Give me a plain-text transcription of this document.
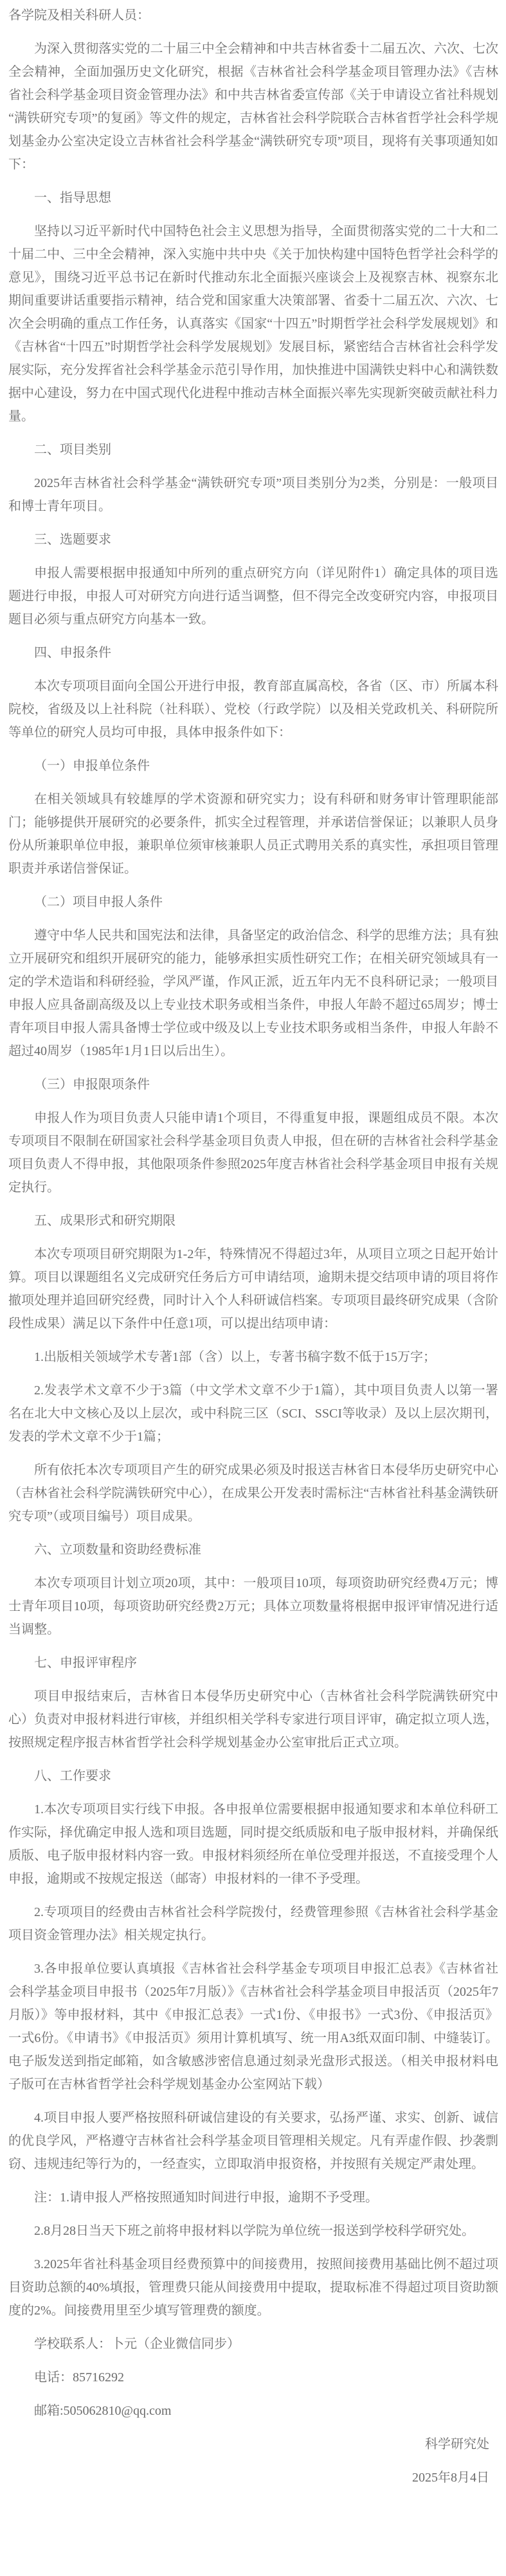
各学院及相关科研人员：

为深入贯彻落实党的二十届三中全会精神和中共吉林省委十二届五次、六次、七次全会精神，全面加强历史文化研究，根据《吉林省社会科学基金项目管理办法》《吉林省社会科学基金项目资金管理办法》和中共吉林省委宣传部《关于申请设立省社科规划“满铁研究专项”的复函》等文件的规定，吉林省社会科学院联合吉林省哲学社会科学规划基金办公室决定设立吉林省社会科学基金“满铁研究专项”项目，现将有关事项通知如下：

一、指导思想

坚持以习近平新时代中国特色社会主义思想为指导，全面贯彻落实党的二十大和二十届二中、三中全会精神，深入实施中共中央《关于加快构建中国特色哲学社会科学的意见》，围绕习近平总书记在新时代推动东北全面振兴座谈会上及视察吉林、视察东北期间重要讲话重要指示精神，结合党和国家重大决策部署、省委十二届五次、六次、七次全会明确的重点工作任务，认真落实《国家“十四五”时期哲学社会科学发展规划》和《吉林省“十四五”时期哲学社会科学发展规划》发展目标，紧密结合吉林省社会科学发展实际，充分发挥省社会科学基金示范引导作用，加快推进中国满铁史料中心和满铁数据中心建设，努力在中国式现代化进程中推动吉林全面振兴率先实现新突破贡献社科力量。

二、项目类别

2025年吉林省社会科学基金“满铁研究专项”项目类别分为2类，分别是：一般项目和博士青年项目。

三、选题要求

申报人需要根据申报通知中所列的重点研究方向（详见附件1）确定具体的项目选题进行申报，申报人可对研究方向进行适当调整，但不得完全改变研究内容，申报项目题目必须与重点研究方向基本一致。

四、申报条件

本次专项项目面向全国公开进行申报，教育部直属高校，各省（区、市）所属本科院校，省级及以上社科院（社科联）、党校（行政学院）以及相关党政机关、科研院所等单位的研究人员均可申报，具体申报条件如下：

（一）申报单位条件

在相关领域具有较雄厚的学术资源和研究实力；设有科研和财务审计管理职能部门；能够提供开展研究的必要条件，抓实全过程管理，并承诺信誉保证；以兼职人员身份从所兼职单位申报，兼职单位须审核兼职人员正式聘用关系的真实性，承担项目管理职责并承诺信誉保证。

（二）项目申报人条件

遵守中华人民共和国宪法和法律，具备坚定的政治信念、科学的思维方法；具有独立开展研究和组织开展研究的能力，能够承担实质性研究工作；在相关研究领域具有一定的学术造诣和科研经验，学风严谨，作风正派，近五年内无不良科研记录；一般项目申报人应具备副高级及以上专业技术职务或相当条件，申报人年龄不超过65周岁；博士青年项目申报人需具备博士学位或中级及以上专业技术职务或相当条件，申报人年龄不超过40周岁（1985年1月1日以后出生）。

（三）申报限项条件

申报人作为项目负责人只能申请1个项目，不得重复申报，课题组成员不限。本次专项项目不限制在研国家社会科学基金项目负责人申报，但在研的吉林省社会科学基金项目负责人不得申报，其他限项条件参照2025年度吉林省社会科学基金项目申报有关规定执行。

五、成果形式和研究期限

本次专项项目研究期限为1-2年，特殊情况不得超过3年，从项目立项之日起开始计算。项目以课题组名义完成研究任务后方可申请结项，逾期未提交结项申请的项目将作撤项处理并追回研究经费，同时计入个人科研诚信档案。专项项目最终研究成果（含阶段性成果）满足以下条件中任意1项，可以提出结项申请：

1.出版相关领域学术专著1部（含）以上，专著书稿字数不低于15万字；

2.发表学术文章不少于3篇（中文学术文章不少于1篇），其中项目负责人以第一署名在北大中文核心及以上层次，或中科院三区（SCI、SSCI等收录）及以上层次期刊，发表的学术文章不少于1篇；

所有依托本次专项项目产生的研究成果必须及时报送吉林省日本侵华历史研究中心（吉林省社会科学院满铁研究中心），在成果公开发表时需标注“吉林省社科基金满铁研究专项”（或项目编号）项目成果。

六、立项数量和资助经费标准

本次专项项目计划立项20项，其中：一般项目10项，每项资助研究经费4万元；博士青年项目10项，每项资助研究经费2万元；具体立项数量将根据申报评审情况进行适当调整。

七、申报评审程序

项目申报结束后，吉林省日本侵华历史研究中心（吉林省社会科学院满铁研究中心）负责对申报材料进行审核，并组织相关学科专家进行项目评审，确定拟立项人选，按照规定程序报吉林省哲学社会科学规划基金办公室审批后正式立项。

八、工作要求

1.本次专项项目实行线下申报。各申报单位需要根据申报通知要求和本单位科研工作实际，择优确定申报人选和项目选题，同时提交纸质版和电子版申报材料，并确保纸质版、电子版申报材料内容一致。申报材料须经所在单位受理并报送，不直接受理个人申报，逾期或不按规定报送（邮寄）申报材料的一律不予受理。

2.专项项目的经费由吉林省社会科学院拨付，经费管理参照《吉林省社会科学基金项目资金管理办法》相关规定执行。

3.各申报单位要认真填报《吉林省社会科学基金专项项目申报汇总表》《吉林省社会科学基金项目申报书（2025年7月版）》《吉林省社会科学基金项目申报活页（2025年7月版）》等申报材料，其中《申报汇总表》一式1份、《申报书》一式3份、《申报活页》一式6份。《申请书》《申报活页》须用计算机填写、统一用A3纸双面印制、中缝装订。电子版发送到指定邮箱，如含敏感涉密信息通过刻录光盘形式报送。（相关申报材料电子版可在吉林省哲学社会科学规划基金办公室网站下载）

4.项目申报人要严格按照科研诚信建设的有关要求，弘扬严谨、求实、创新、诚信的优良学风，严格遵守吉林省社会科学基金项目管理相关规定。凡有弄虚作假、抄袭剽窃、违规违纪等行为的，一经查实，立即取消申报资格，并按照有关规定严肃处理。

注：1.请申报人严格按照通知时间进行申报，逾期不予受理。

2.8月28日当天下班之前将申报材料以学院为单位统一报送到学校科学研究处。

3.2025年省社科基金项目经费预算中的间接费用，按照间接费用基础比例不超过项目资助总额的40%填报，管理费只能从间接费用中提取，提取标准不得超过项目资助额度的2%。间接费用里至少填写管理费的额度。

学校联系人：卜元（企业微信同步）

电话：85716292

邮箱:505062810@qq.com

科学研究处

2025年8月4日
